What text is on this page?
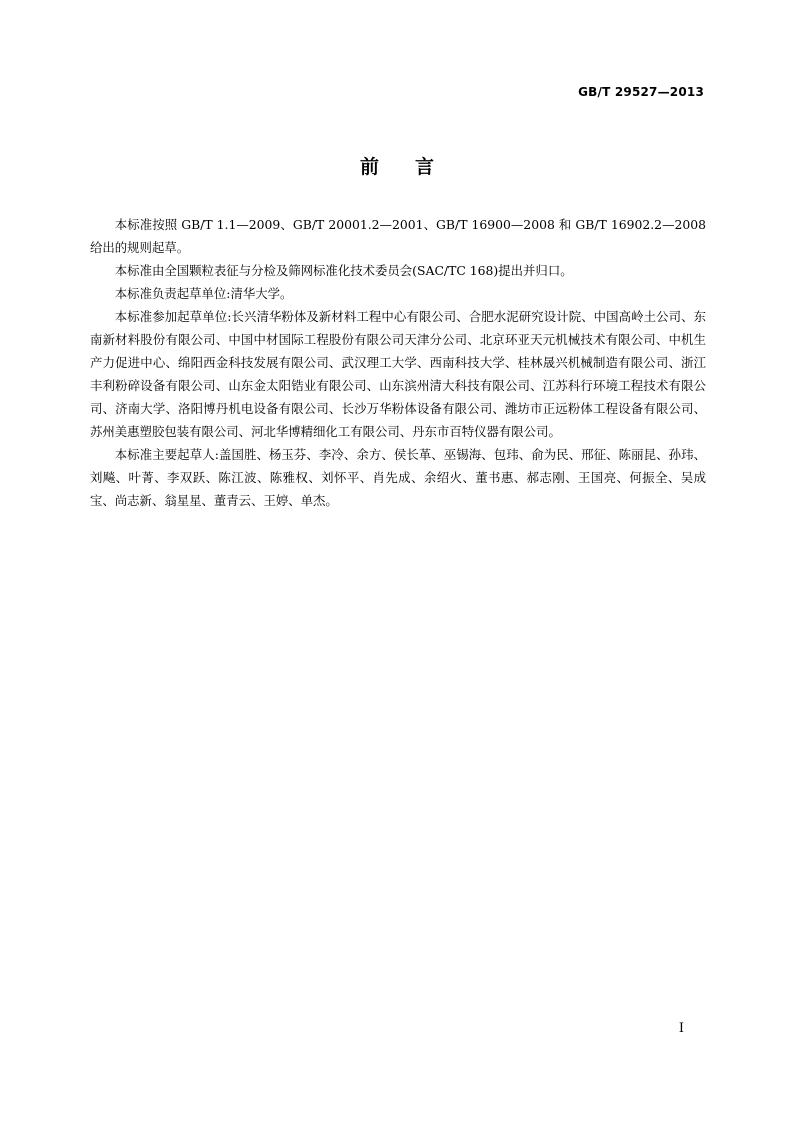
GB/T 29527—2013
前言

本标准按照 GB/T 1.1—2009、GB/T 20001.2—2001、GB/T 16900—2008 和 GB/T 16902.2—2008 给出的规则起草。

本标准由全国颗粒表征与分检及筛网标准化技术委员会(SAC/TC 168)提出并归口。

本标准负责起草单位:清华大学。

本标准参加起草单位:长兴清华粉体及新材料工程中心有限公司、合肥水泥研究设计院、中国高岭土公司、东南新材料股份有限公司、中国中材国际工程股份有限公司天津分公司、北京环亚天元机械技术有限公司、中机生产力促进中心、绵阳西金科技发展有限公司、武汉理工大学、西南科技大学、桂林晟兴机械制造有限公司、浙江丰利粉碎设备有限公司、山东金太阳锆业有限公司、山东滨州清大科技有限公司、江苏科行环境工程技术有限公司、济南大学、洛阳博丹机电设备有限公司、长沙万华粉体设备有限公司、潍坊市正远粉体工程设备有限公司、苏州美惠塑胶包装有限公司、河北华博精细化工有限公司、丹东市百特仪器有限公司。

本标准主要起草人:盖国胜、杨玉芬、李冷、余方、侯长革、巫锡海、包玮、俞为民、邢征、陈丽昆、孙玮、刘飚、叶菁、李双跃、陈江波、陈雅权、刘怀平、肖先成、余绍火、董书惠、郝志刚、王国亮、何振全、吴成宝、尚志新、翁星星、董青云、王婷、单杰。

I
